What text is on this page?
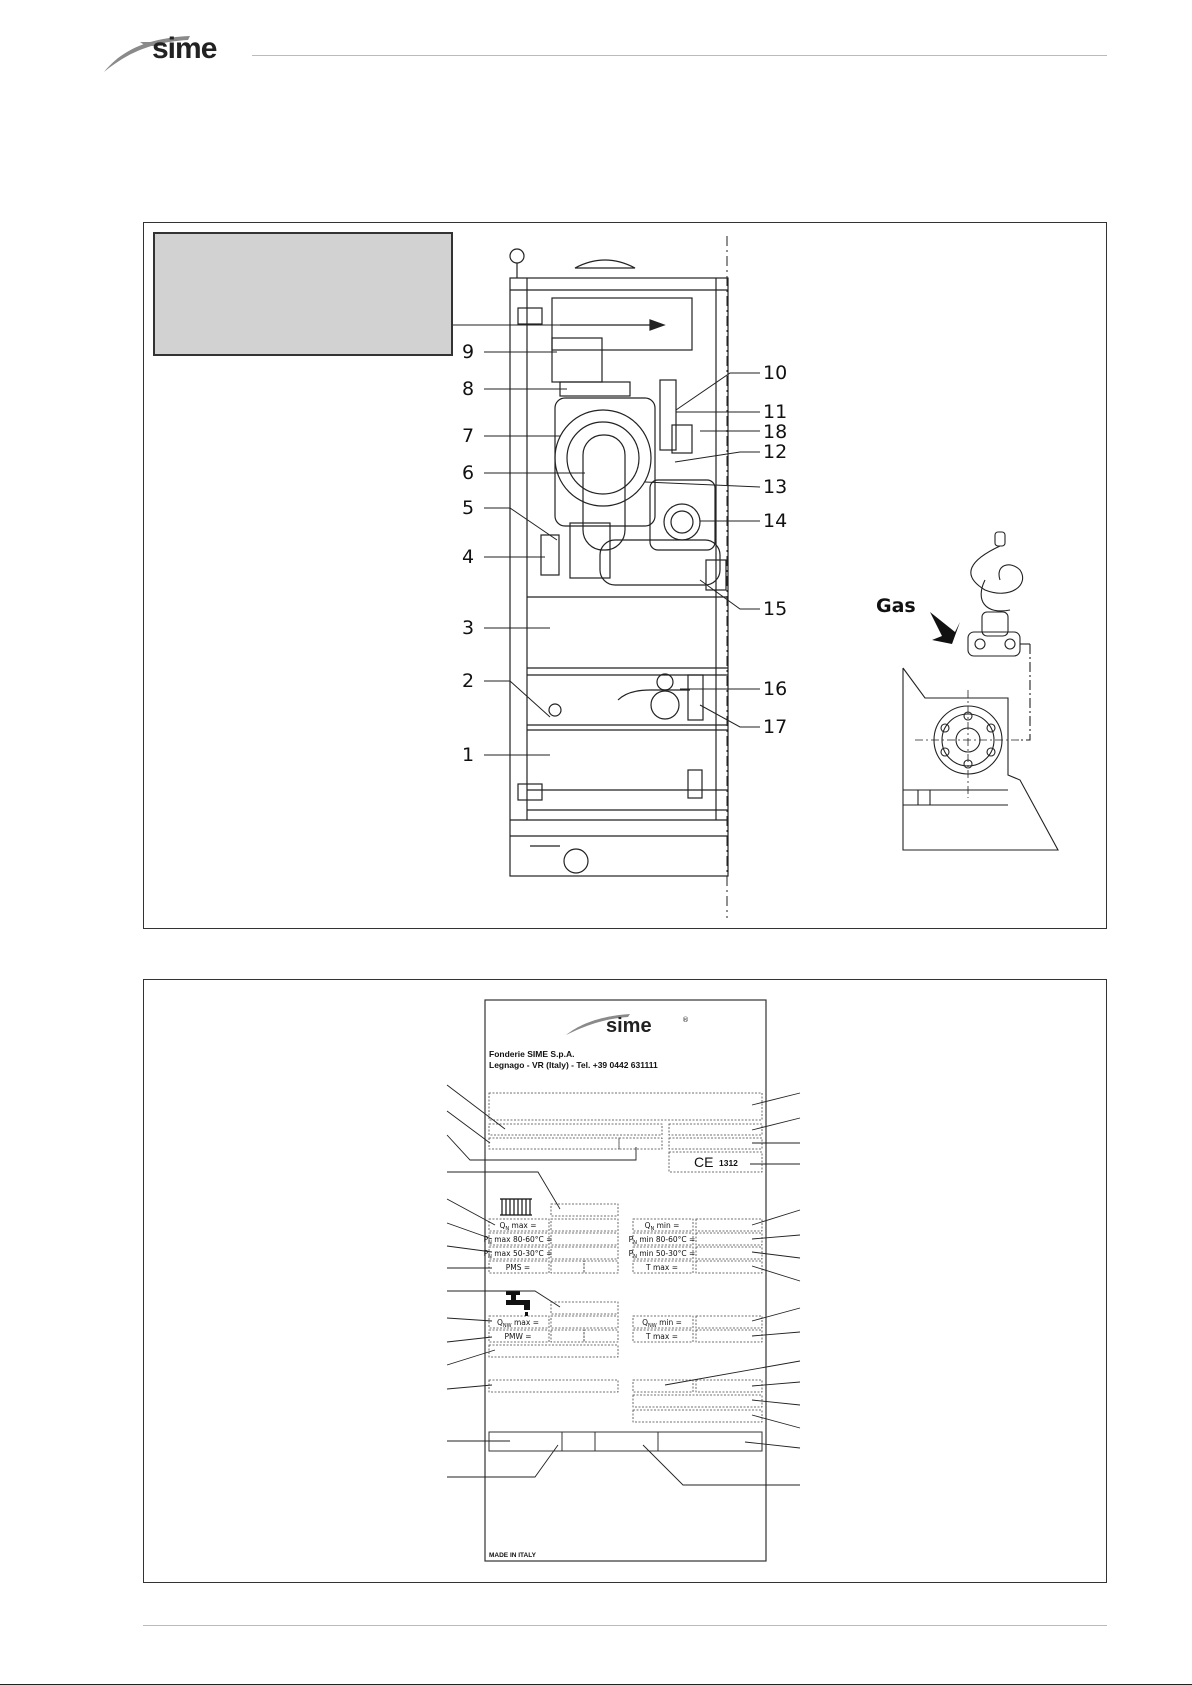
sime
9
8
7
6
5
4
3
2
1
10
11
18
12
13
14
15
16
17
Gas
sime	®
Fonderie SIME S.p.A.
Legnago - VR (Italy) - Tel. +39 0442 631111
CE 1312
$Q_N$ max =
$P_N$ max 80-60°C =
$P_N$ max 50-30°C =
PMS =
$Q_N$ min =
$P_N$ min 80-60°C =
$P_N$ min 50-30°C =
T max =
$Q_{NW}$ max =
PMW =
$Q_{NW}$ min =
T max =
MADE IN ITALY
